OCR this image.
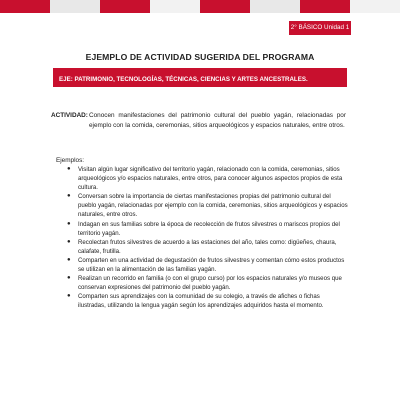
2° BÁSICO Unidad 1
EJEMPLO DE ACTIVIDAD SUGERIDA DEL PROGRAMA
EJE: PATRIMONIO, TECNOLOGÍAS, TÉCNICAS, CIENCIAS Y ARTES ANCESTRALES.
ACTIVIDAD: Conocen manifestaciones del patrimonio cultural del pueblo yagán, relacionadas por ejemplo con la comida, ceremonias, sitios arqueológicos y espacios naturales, entre otros.
Ejemplos:
● Visitan algún lugar significativo del territorio yagán, relacionado con la comida, ceremonias, sitios arqueológicos y/o espacios naturales, entre otros, para conocer algunos aspectos propios de esta cultura.
● Conversan sobre la importancia de ciertas manifestaciones propias del patrimonio cultural del pueblo yagán, relacionadas por ejemplo con la comida, ceremonias, sitios arqueológicos y espacios naturales, entre otros.
● Indagan en sus familias sobre la época de recolección de frutos silvestres o mariscos propios del territorio yagán.
● Recolectan frutos silvestres de acuerdo a las estaciones del año, tales como: digüeñes, chaura, calafate, frutilla.
● Comparten en una actividad de degustación de frutos silvestres y comentan cómo estos productos se utilizan en la alimentación de las familias yagán.
● Realizan un recorrido en familia (o con el grupo curso) por los espacios naturales y/o museos que conservan expresiones del patrimonio del pueblo yagán.
● Comparten sus aprendizajes con la comunidad de su colegio, a través de afiches o fichas ilustradas, utilizando la lengua yagán según los aprendizajes adquiridos hasta el momento.
